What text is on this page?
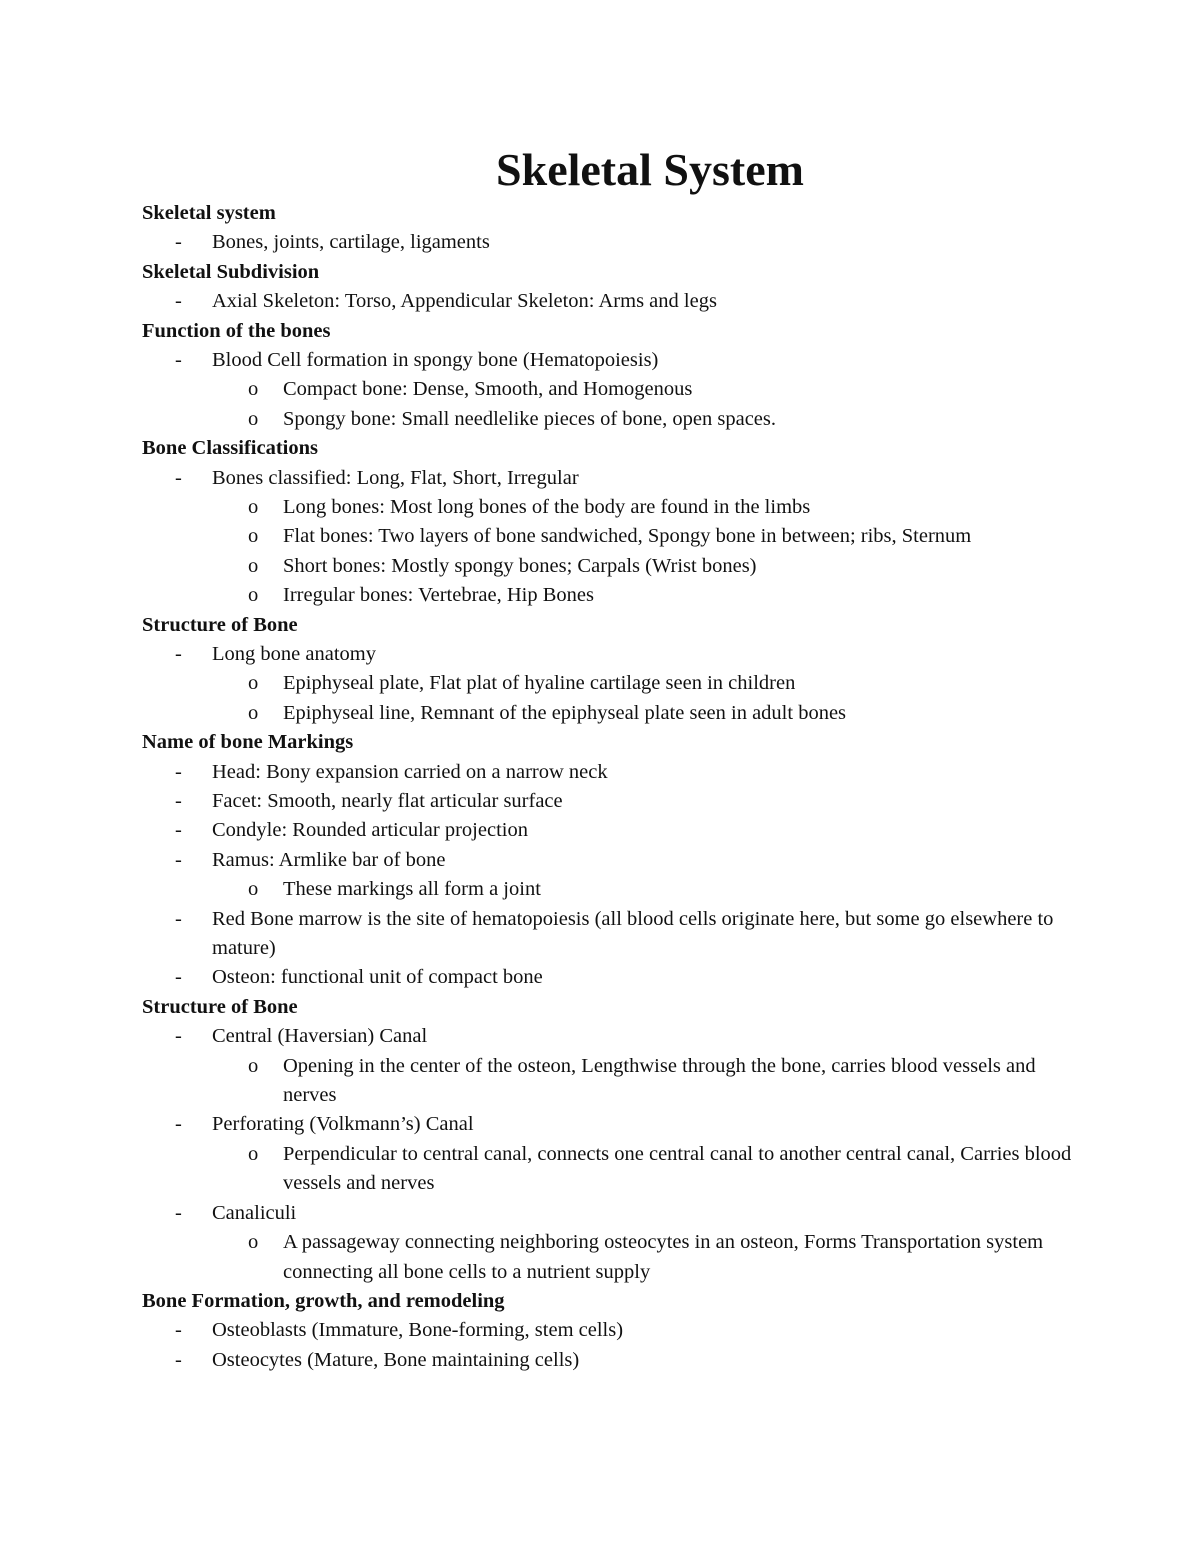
Skeletal System
Skeletal system
- Bones, joints, cartilage, ligaments
Skeletal Subdivision
- Axial Skeleton: Torso, Appendicular Skeleton: Arms and legs
Function of the bones
- Blood Cell formation in spongy bone (Hematopoiesis)
o Compact bone: Dense, Smooth, and Homogenous
o Spongy bone: Small needlelike pieces of bone, open spaces.
Bone Classifications
- Bones classified: Long, Flat, Short, Irregular
o Long bones: Most long bones of the body are found in the limbs
o Flat bones: Two layers of bone sandwiched, Spongy bone in between; ribs, Sternum
o Short bones: Mostly spongy bones; Carpals (Wrist bones)
o Irregular bones: Vertebrae, Hip Bones
Structure of Bone
- Long bone anatomy
o Epiphyseal plate, Flat plat of hyaline cartilage seen in children
o Epiphyseal line, Remnant of the epiphyseal plate seen in adult bones
Name of bone Markings
- Head: Bony expansion carried on a narrow neck
- Facet: Smooth, nearly flat articular surface
- Condyle: Rounded articular projection
- Ramus: Armlike bar of bone
o These markings all form a joint
- Red Bone marrow is the site of hematopoiesis (all blood cells originate here, but some go elsewhere to mature)
- Osteon: functional unit of compact bone
Structure of Bone
- Central (Haversian) Canal
o Opening in the center of the osteon, Lengthwise through the bone, carries blood vessels and nerves
- Perforating (Volkmann’s) Canal
o Perpendicular to central canal, connects one central canal to another central canal, Carries blood vessels and nerves
- Canaliculi
o A passageway connecting neighboring osteocytes in an osteon, Forms Transportation system connecting all bone cells to a nutrient supply
Bone Formation, growth, and remodeling
- Osteoblasts (Immature, Bone-forming, stem cells)
- Osteocytes (Mature, Bone maintaining cells)
